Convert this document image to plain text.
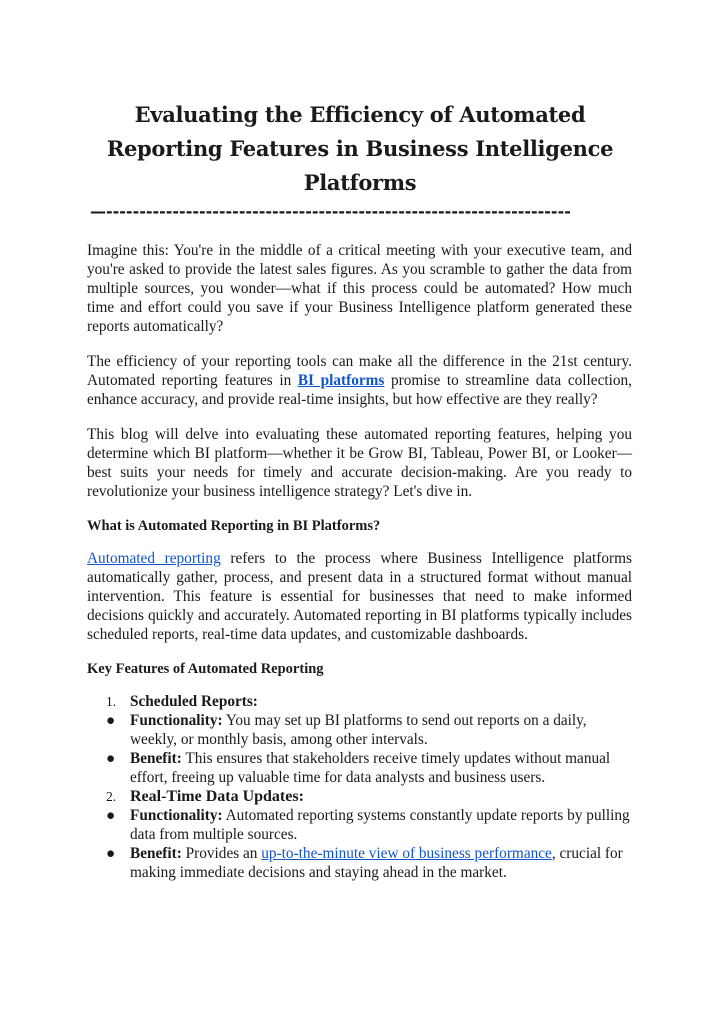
Evaluating the Efficiency of Automated Reporting Features in Business Intelligence Platforms
—----------------------------------------------------------------------

Imagine this: You're in the middle of a critical meeting with your executive team, and you're asked to provide the latest sales figures. As you scramble to gather the data from multiple sources, you wonder—what if this process could be automated? How much time and effort could you save if your Business Intelligence platform generated these reports automatically?

The efficiency of your reporting tools can make all the difference in the 21st century. Automated reporting features in BI platforms promise to streamline data collection, enhance accuracy, and provide real-time insights, but how effective are they really?

This blog will delve into evaluating these automated reporting features, helping you determine which BI platform—whether it be Grow BI, Tableau, Power BI, or Looker—best suits your needs for timely and accurate decision-making. Are you ready to revolutionize your business intelligence strategy? Let's dive in.

What is Automated Reporting in BI Platforms?

Automated reporting refers to the process where Business Intelligence platforms automatically gather, process, and present data in a structured format without manual intervention. This feature is essential for businesses that need to make informed decisions quickly and accurately. Automated reporting in BI platforms typically includes scheduled reports, real-time data updates, and customizable dashboards.

Key Features of Automated Reporting
1. Scheduled Reports:
● Functionality: You may set up BI platforms to send out reports on a daily, weekly, or monthly basis, among other intervals.
● Benefit: This ensures that stakeholders receive timely updates without manual effort, freeing up valuable time for data analysts and business users.
2. Real-Time Data Updates:
● Functionality: Automated reporting systems constantly update reports by pulling data from multiple sources.
● Benefit: Provides an up-to-the-minute view of business performance, crucial for making immediate decisions and staying ahead in the market.
